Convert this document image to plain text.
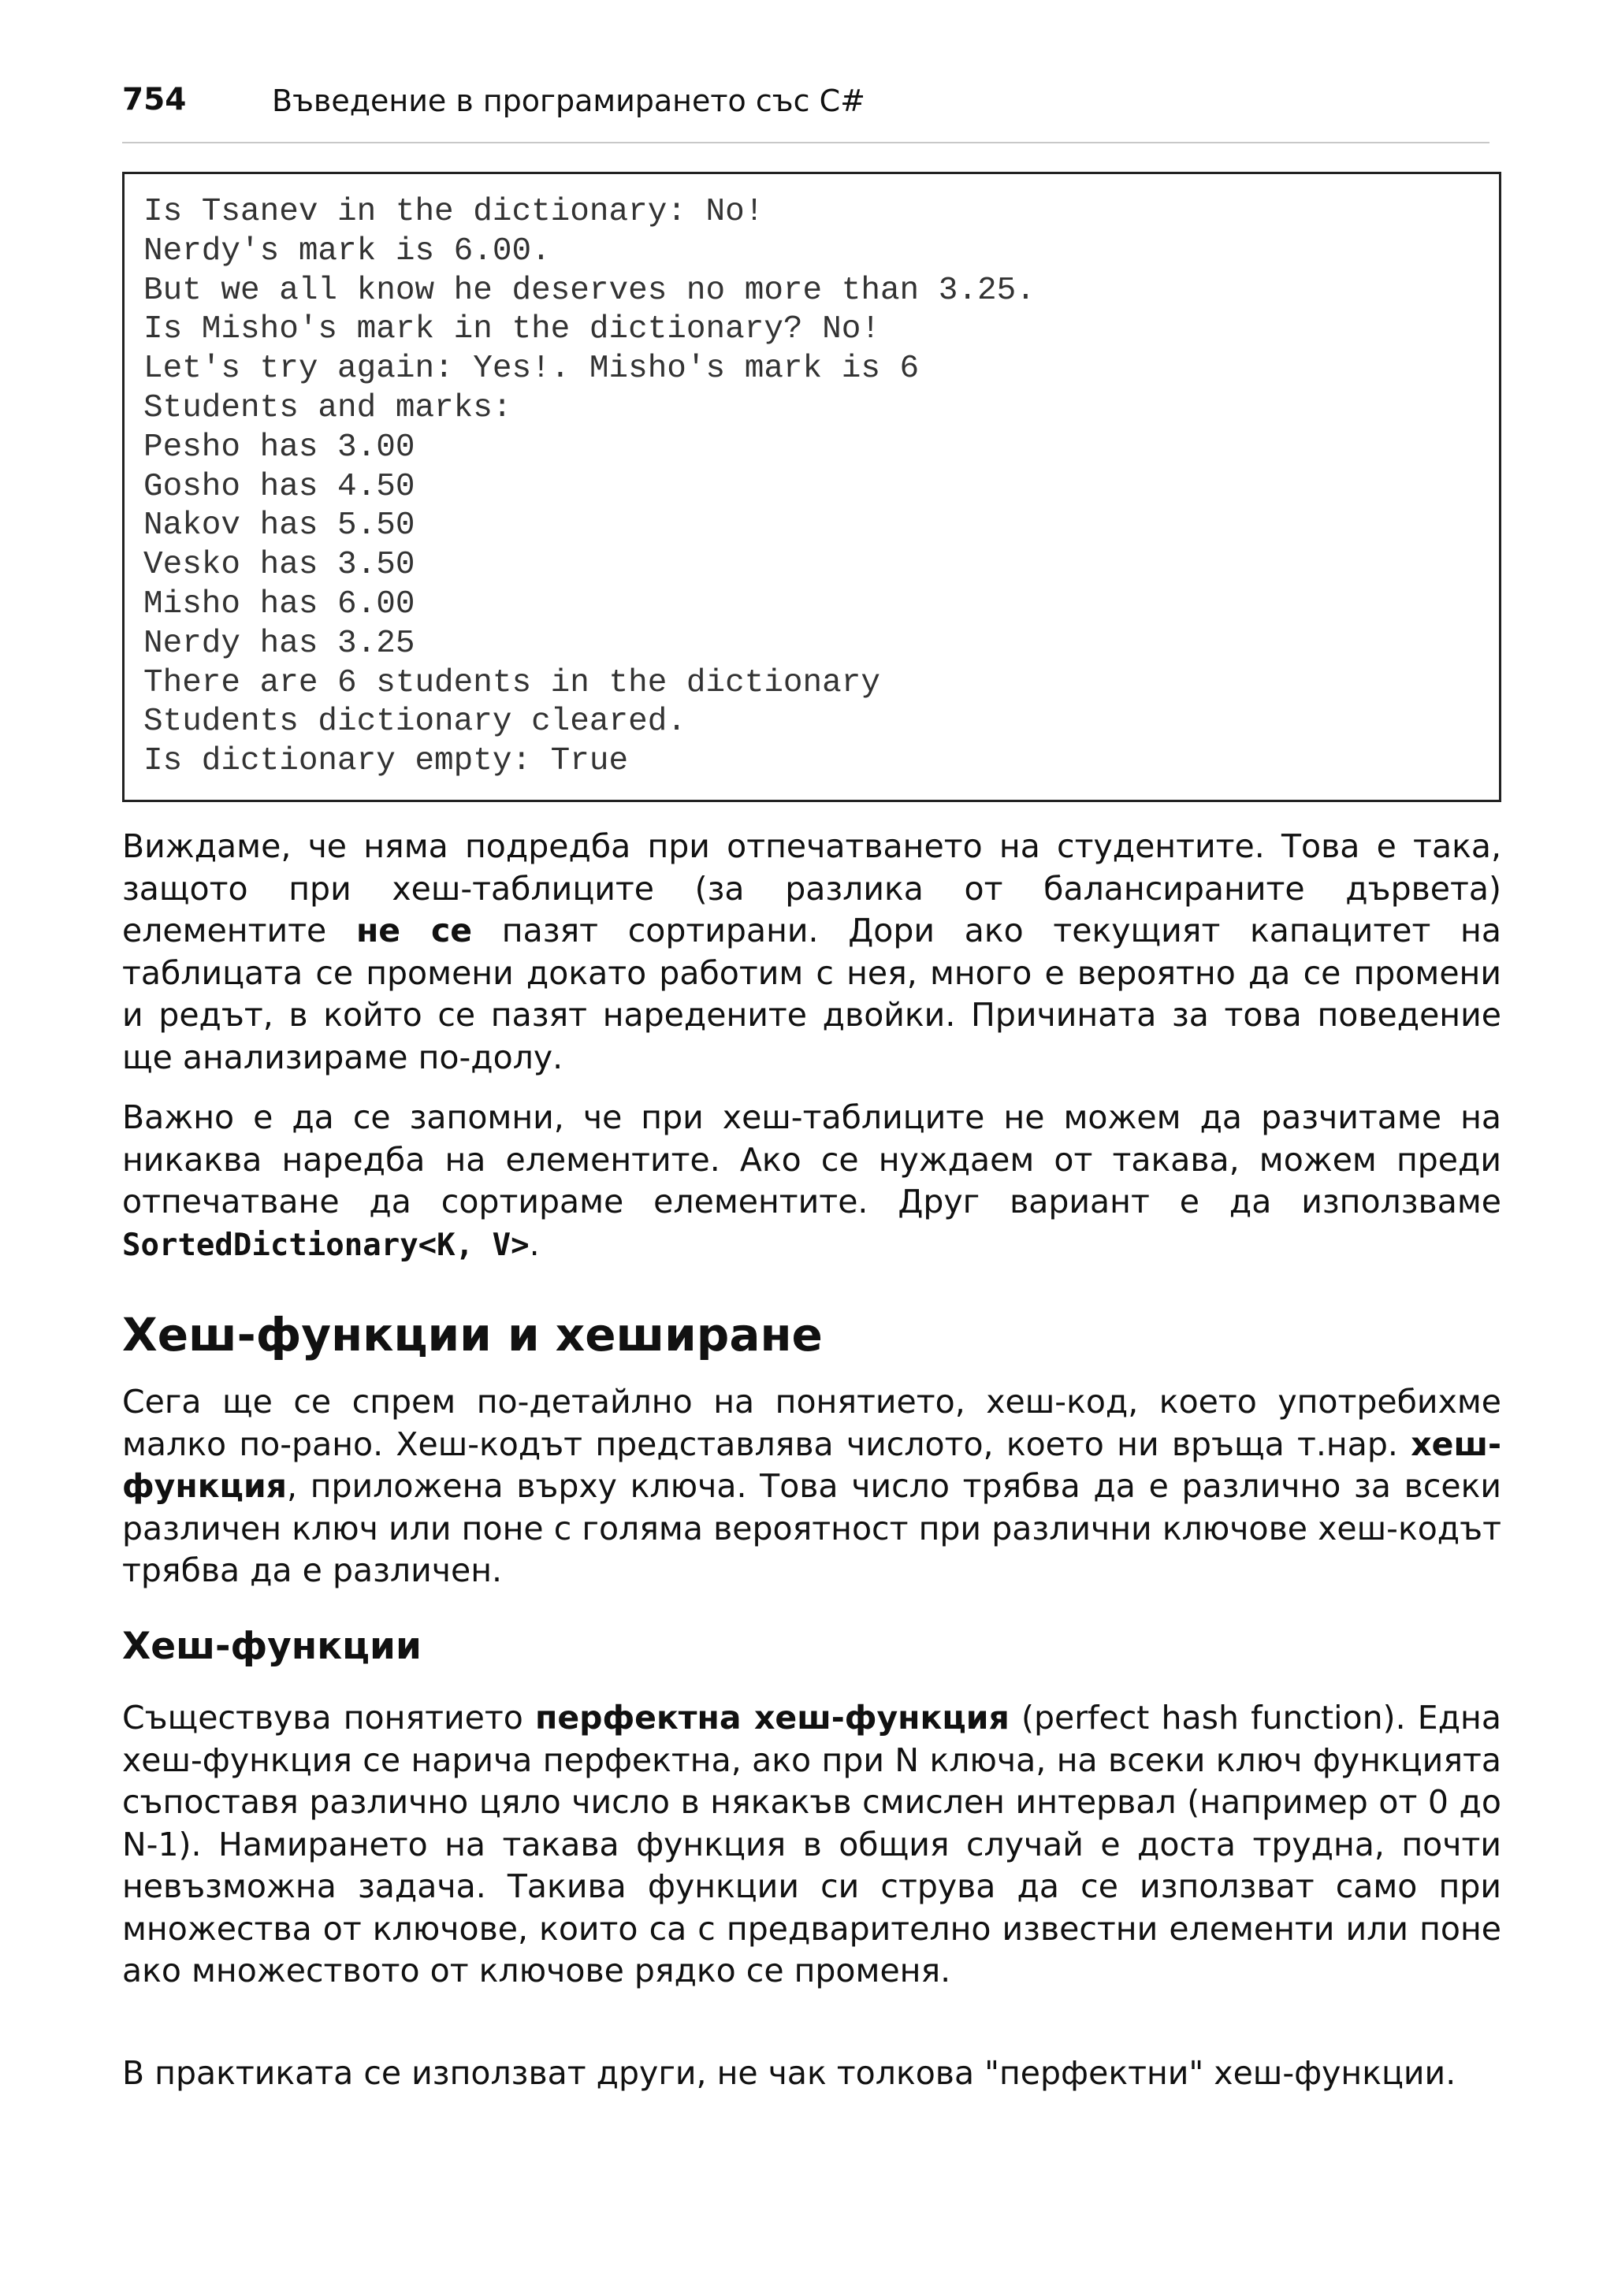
754	Въведение в програмирането със C#
Is Tsanev in the dictionary: No!
Nerdy's mark is 6.00.
But we all know he deserves no more than 3.25.
Is Misho's mark in the dictionary? No!
Let's try again: Yes!. Misho's mark is 6
Students and marks:
Pesho has 3.00
Gosho has 4.50
Nakov has 5.50
Vesko has 3.50
Misho has 6.00
Nerdy has 3.25
There are 6 students in the dictionary
Students dictionary cleared.
Is dictionary empty: True

Виждаме, че няма подредба при отпечатването на студентите. Това е така, защото при хеш-таблиците (за разлика от балансираните дървета) елементите не се пазят сортирани. Дори ако текущият капацитет на таблицата се промени докато работим с нея, много е вероятно да се промени и редът, в който се пазят наредените двойки. Причината за това поведение ще анализираме по-долу.

Важно е да се запомни, че при хеш-таблиците не можем да разчитаме на никаква наредба на елементите. Ако се нуждаем от такава, можем преди отпечатване да сортираме елементите. Друг вариант е да използваме SortedDictionary<K, V>.

Хеш-функции и хеширане

Сега ще се спрем по-детайлно на понятието, хеш-код, което употребихме малко по-рано. Хеш-кодът представлява числото, което ни връща т.нар. хеш-функция, приложена върху ключа. Това число трябва да е различно за всеки различен ключ или поне с голяма вероятност при различни ключове хеш-кодът трябва да е различен.

Хеш-функции

Съществува понятието перфектна хеш-функция (perfect hash function). Една хеш-функция се нарича перфектна, ако при N ключа, на всеки ключ функцията съпоставя различно цяло число в някакъв смислен интервал (например от 0 до N-1). Намирането на такава функция в общия случай е доста трудна, почти невъзможна задача. Такива функции си струва да се използват само при множества от ключове, които са с предварително известни елементи или поне ако множеството от ключове рядко се променя.

В практиката се използват други, не чак толкова "перфектни" хеш-функции.
